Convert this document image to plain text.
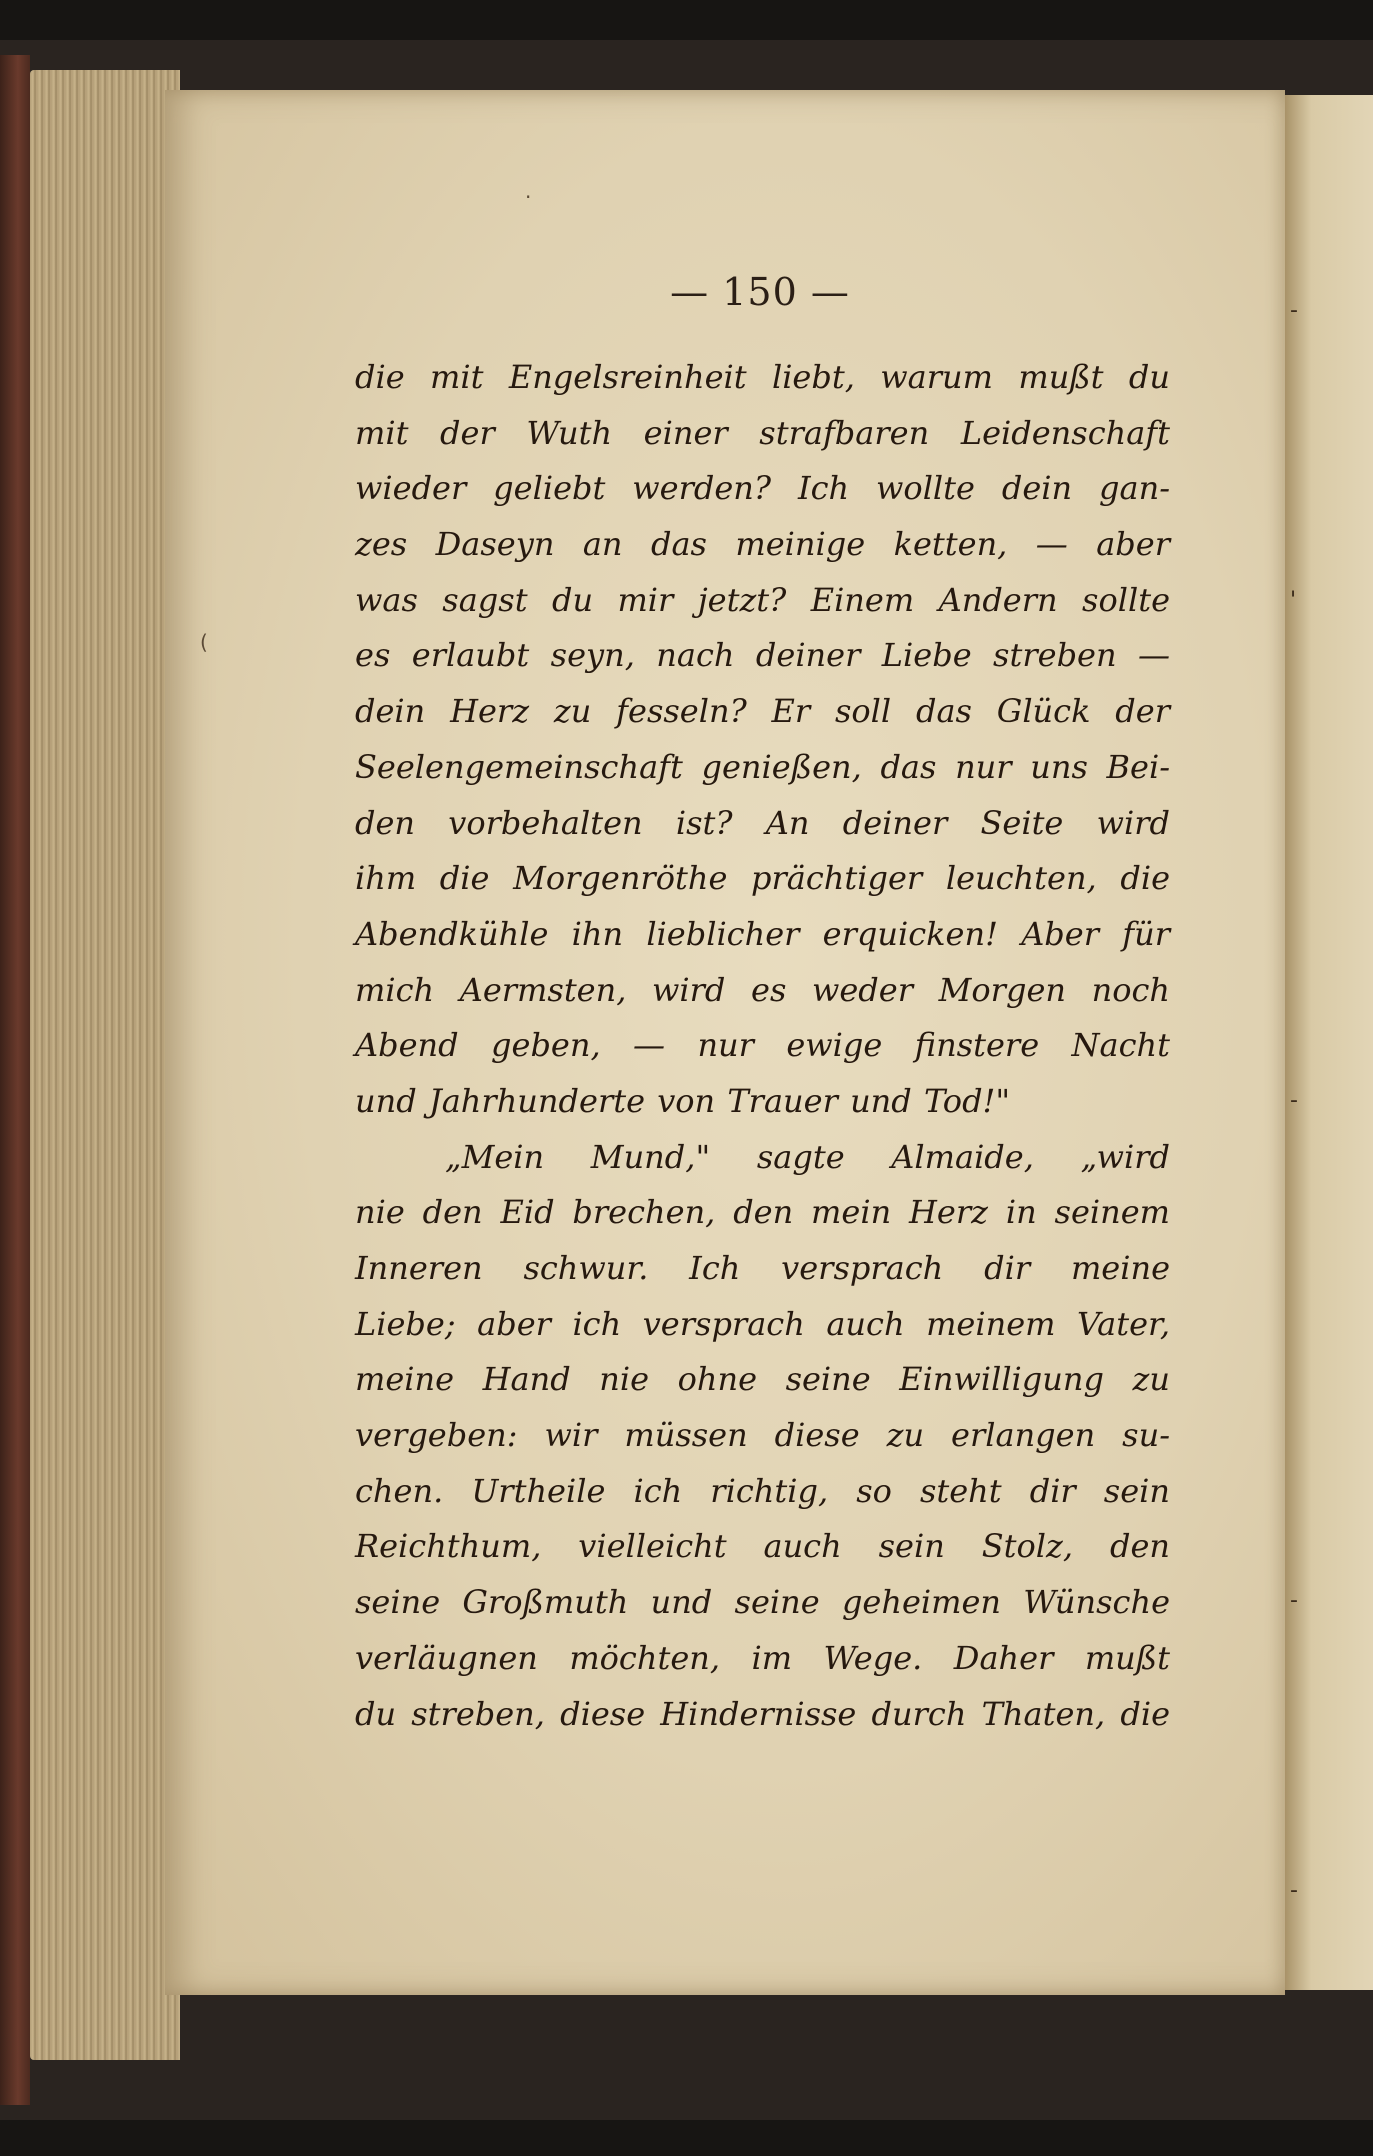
-
'
-
-
-
·
(
— 150 —
die mit Engelsreinheit liebt, warum mußt du
mit der Wuth einer strafbaren Leidenschaft
wieder geliebt werden? Ich wollte dein gan-
zes Daseyn an das meinige ketten, — aber
was sagst du mir jetzt? Einem Andern sollte
es erlaubt seyn, nach deiner Liebe streben —
dein Herz zu fesseln? Er soll das Glück der
Seelengemeinschaft genießen, das nur uns Bei-
den vorbehalten ist? An deiner Seite wird
ihm die Morgenröthe prächtiger leuchten, die
Abendkühle ihn lieblicher erquicken! Aber für
mich Aermsten, wird es weder Morgen noch
Abend geben, — nur ewige finstere Nacht
und Jahrhunderte von Trauer und Tod!"
„Mein Mund," sagte Almaide, „wird
nie den Eid brechen, den mein Herz in seinem
Inneren schwur. Ich versprach dir meine
Liebe; aber ich versprach auch meinem Vater,
meine Hand nie ohne seine Einwilligung zu
vergeben: wir müssen diese zu erlangen su-
chen. Urtheile ich richtig, so steht dir sein
Reichthum, vielleicht auch sein Stolz, den
seine Großmuth und seine geheimen Wünsche
verläugnen möchten, im Wege. Daher mußt
du streben, diese Hindernisse durch Thaten, die
